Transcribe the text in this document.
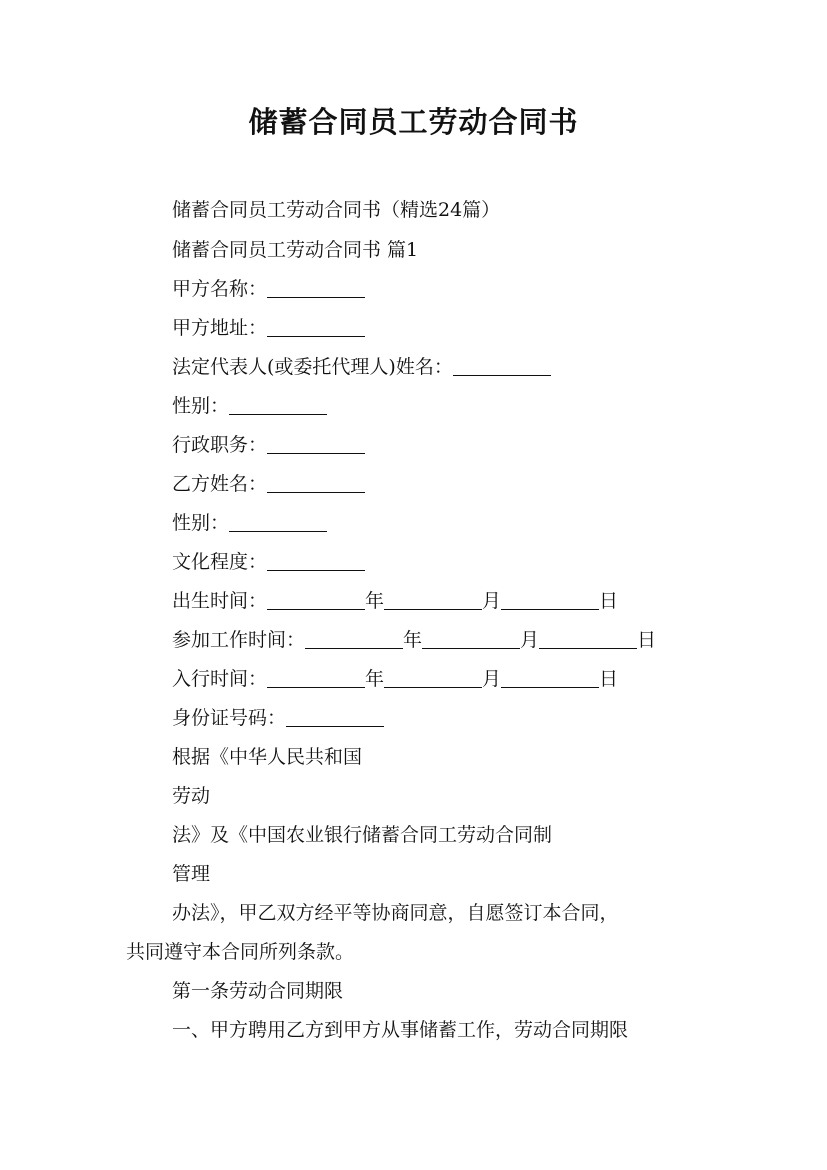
储蓄合同员工劳动合同书
储蓄合同员工劳动合同书（精选24篇）
储蓄合同员工劳动合同书 篇1
甲方名称：
甲方地址：
法定代表人(或委托代理人)姓名：
性别：
行政职务：
乙方姓名：
性别：
文化程度：
出生时间：	年	月	日
参加工作时间：	年	月	日
入行时间：	年	月	日
身份证号码：
根据《中华人民共和国
劳动
法》及《中国农业银行储蓄合同工劳动合同制
管理
办法》，甲乙双方经平等协商同意，自愿签订本合同，
共同遵守本合同所列条款。
第一条劳动合同期限
一、甲方聘用乙方到甲方从事储蓄工作，劳动合同期限
